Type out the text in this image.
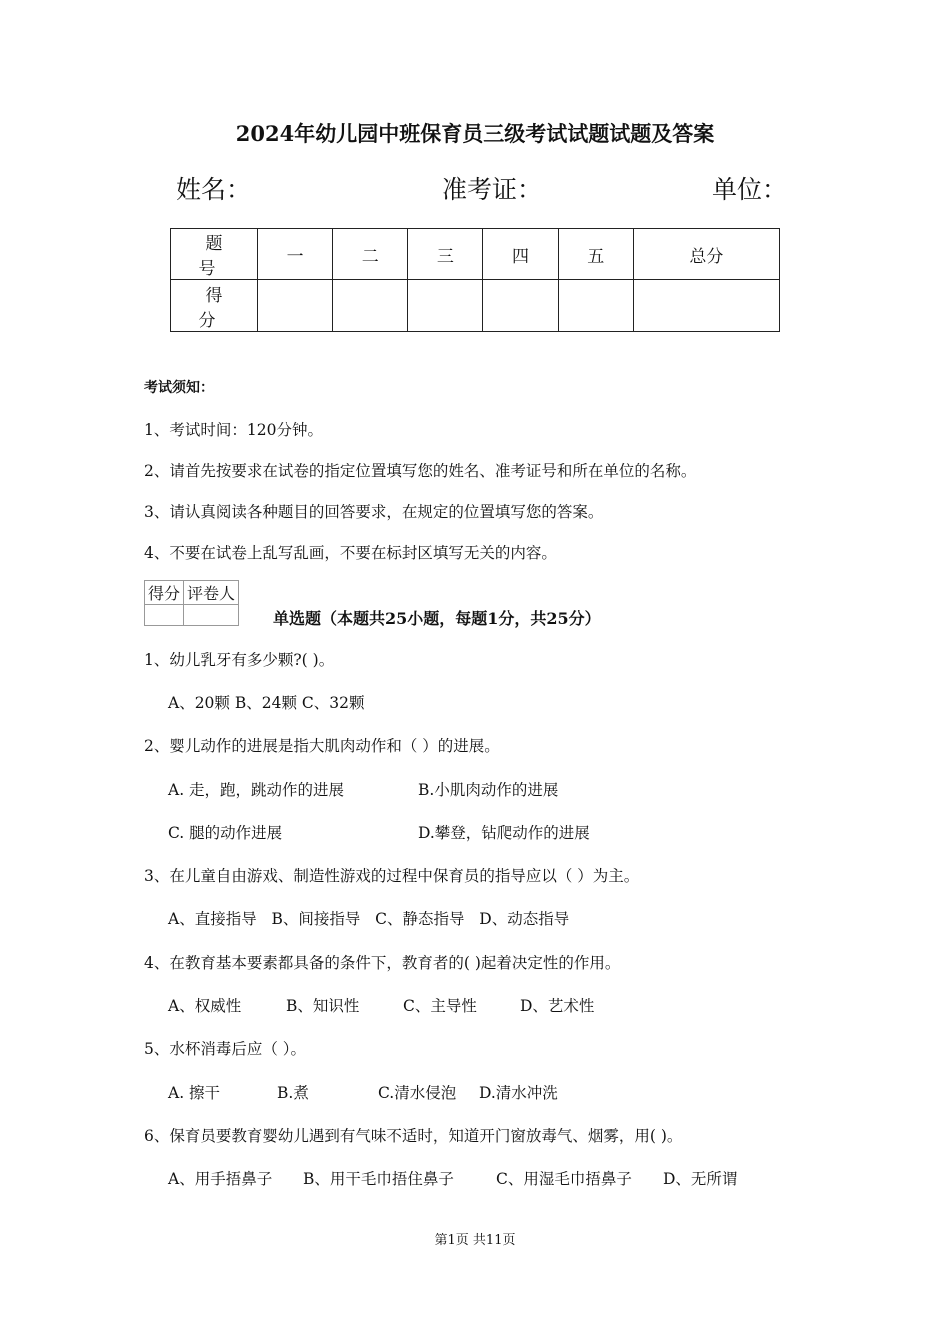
2024年幼儿园中班保育员三级考试试题试题及答案
姓名：	准考证：	单位：
题　号	一	二	三	四	五	总分
得　分						
考试须知：
1、考试时间：120分钟。
2、请首先按要求在试卷的指定位置填写您的姓名、准考证号和所在单位的名称。
3、请认真阅读各种题目的回答要求，在规定的位置填写您的答案。
4、不要在试卷上乱写乱画，不要在标封区填写无关的内容。
得分	评卷人

单选题（本题共25小题，每题1分，共25分）
1、幼儿乳牙有多少颗?( )。
A、20颗 B、24颗 C、32颗
2、婴儿动作的进展是指大肌肉动作和（ ）的进展。
A. 走，跑，跳动作的进展	B.小肌肉动作的进展
C. 腿的动作进展	D.攀登，钻爬动作的进展
3、在儿童自由游戏、制造性游戏的过程中保育员的指导应以（ ）为主。
A、直接指导   B、间接指导   C、静态指导   D、动态指导
4、在教育基本要素都具备的条件下，教育者的( )起着决定性的作用。
A、权威性	B、知识性	C、主导性	D、艺术性
5、水杯消毒后应（ ）。
A. 擦干	B.煮	C.清水侵泡 D.清水冲洗
6、保育员要教育婴幼儿遇到有气味不适时，知道开门窗放毒气、烟雾，用( )。
A、用手捂鼻子 B、用干毛巾捂住鼻子	C、用湿毛巾捂鼻子 D、无所谓
第1页 共11页
